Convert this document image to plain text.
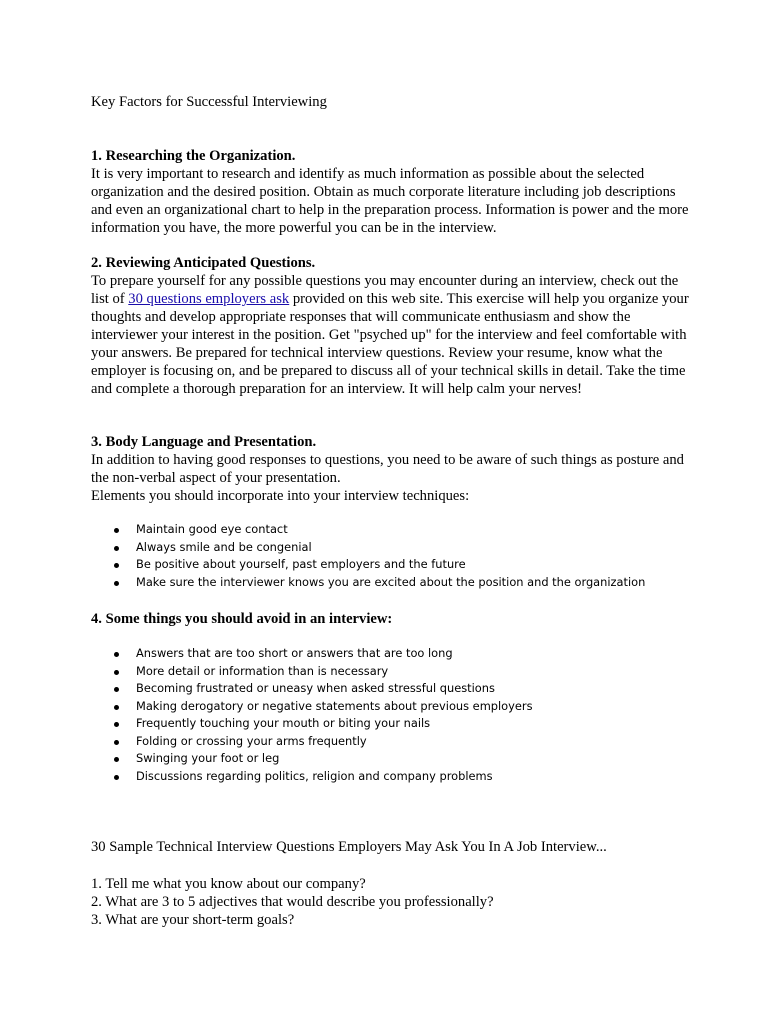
Key Factors for Successful Interviewing
1. Researching the Organization.

It is very important to research and identify as much information as possible about the selected organization and the desired position. Obtain as much corporate literature including job descriptions and even an organizational chart to help in the preparation process. Information is power and the more information you have, the more powerful you can be in the interview.

2. Reviewing Anticipated Questions.

To prepare yourself for any possible questions you may encounter during an interview, check out the list of 30 questions employers ask provided on this web site. This exercise will help you organize your thoughts and develop appropriate responses that will communicate enthusiasm and show the interviewer your interest in the position. Get "psyched up" for the interview and feel comfortable with your answers. Be prepared for technical interview questions. Review your resume, know what the employer is focusing on, and be prepared to discuss all of your technical skills in detail. Take the time and complete a thorough preparation for an interview. It will help calm your nerves!

3. Body Language and Presentation.

In addition to having good responses to questions, you need to be aware of such things as posture and the non-verbal aspect of your presentation.

Elements you should incorporate into your interview techniques:

Maintain good eye contact
Always smile and be congenial
Be positive about yourself, past employers and the future
Make sure the interviewer knows you are excited about the position and the organization
4. Some things you should avoid in an interview:
Answers that are too short or answers that are too long
More detail or information than is necessary
Becoming frustrated or uneasy when asked stressful questions
Making derogatory or negative statements about previous employers
Frequently touching your mouth or biting your nails
Folding or crossing your arms frequently
Swinging your foot or leg
Discussions regarding politics, religion and company problems
30 Sample Technical Interview Questions Employers May Ask You In A Job Interview...
1. Tell me what you know about our company?
2. What are 3 to 5 adjectives that would describe you professionally?
3. What are your short-term goals?
